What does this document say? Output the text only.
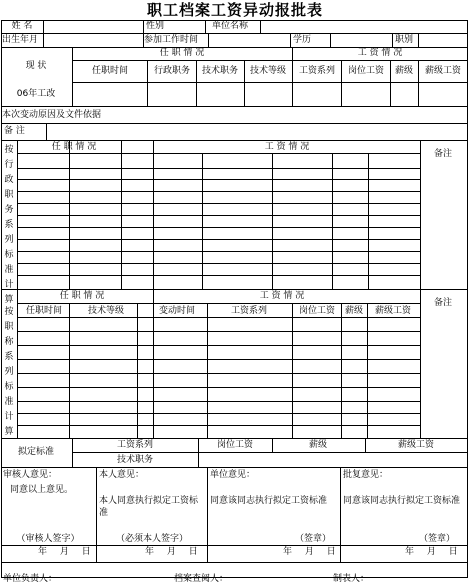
职工档案工资异动报批表
姓 名	性别	单位名称
出生年月	参加工作时间	学历	职别
现 状
任 职 情 况	工 资 情 况
任职时间	行政职务 技术职务 技术等级 工资系列 岗位工资 薪级 薪级工资
06年工改
本次变动原因及文件依据
备 注
按行政职务系列标准计算
任 职 情 况	工 资 情 况
备注
按职称系列标准计算
任 职 情 况	工 资 情 况
备注
任职时间	技术等级	变动时间	工资系列	岗位工资 薪级 薪级工资
拟定标准
工资系列	岗位工资	薪级	薪级工资
技术职务
审核人意见：
同意以上意见。
（审核人签字）
年 月 日
本人意见：
本人同意执行拟定工资标准
（必须本人签字）
年 月 日
单位意见：
同意该同志执行拟定工资标准
（签章）
年 月 日
批复意见：
同意该同志执行拟定工资标准
（签章）
年 月 日
单位负责人：	档案查阅人：	制表人：
